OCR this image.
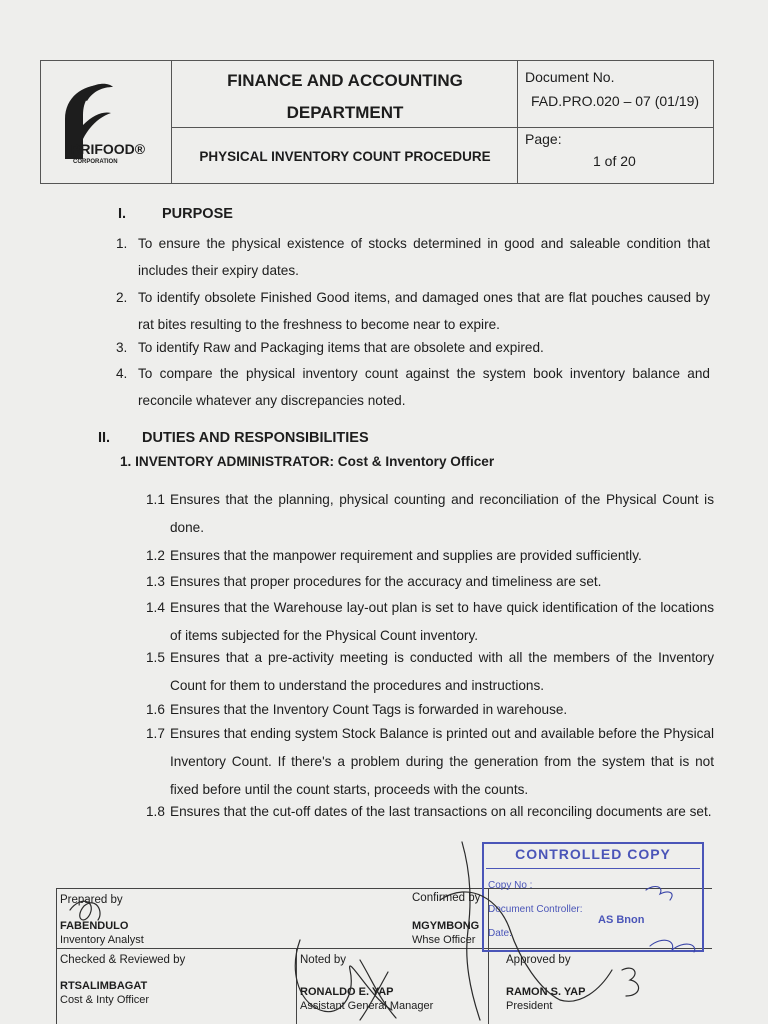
PRIFOOD®
CORPORATION
FINANCE AND ACCOUNTING
DEPARTMENT
PHYSICAL INVENTORY COUNT PROCEDURE
Document No.
FAD.PRO.020 – 07 (01/19)
Page:
1 of 20
I. PURPOSE
1. To ensure the physical existence of stocks determined in good and saleable condition that includes their expiry dates.
2. To identify obsolete Finished Good items, and damaged ones that are flat pouches caused by rat bites resulting to the freshness to become near to expire.
3. To identify Raw and Packaging items that are obsolete and expired.
4. To compare the physical inventory count against the system book inventory balance and reconcile whatever any discrepancies noted.
II. DUTIES AND RESPONSIBILITIES
1. INVENTORY ADMINISTRATOR: Cost & Inventory Officer
1.1 Ensures that the planning, physical counting and reconciliation of the Physical Count is done.
1.2 Ensures that the manpower requirement and supplies are provided sufficiently.
1.3 Ensures that proper procedures for the accuracy and timeliness are set.
1.4 Ensures that the Warehouse lay-out plan is set to have quick identification of the locations of items subjected for the Physical Count inventory.
1.5 Ensures that a pre-activity meeting is conducted with all the members of the Inventory Count for them to understand the procedures and instructions.
1.6 Ensures that the Inventory Count Tags is forwarded in warehouse.
1.7 Ensures that ending system Stock Balance is printed out and available before the Physical Inventory Count. If there's a problem during the generation from the system that is not fixed before until the count starts, proceeds with the counts.
1.8 Ensures that the cut-off dates of the last transactions on all reconciling documents are set.
Prepared by
FABENDULO
Inventory Analyst
Confirmed by
MGYMBONG
Whse Officer
Checked & Reviewed by
RTSALIMBAGAT
Cost & Inty Officer
Noted by
RONALDO E. YAP
Assistant General Manager
Approved by
RAMON S. YAP
President
CONTROLLED COPY
Copy No :
Document Controller:
Date:
AS Bnon
